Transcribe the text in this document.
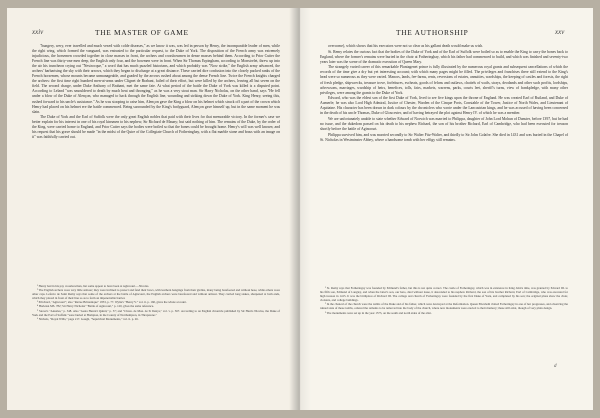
xxiv	THE MASTER OF GAME

"hungery, wery, ever travelled and much vexed with colde diseases," as we know it was, was led in person by Henry, the incomparable leader of men, while the right wing, which formed the vanguard, was entrusted to the particular request, to the Duke of York. The disposition of the French army was extremely injudicious, the horsemen crowded together in close masses in front, the archers and crossbowmen in dense masses behind them. According to Prior Cutter the French line was thirty-one men deep, the English only four, and the bowmen were in front. When Sir Thomas Erpingham, according to Monstrelet, threw up into the air his truncheon crying out "Nestrocque," a word that has much puzzled historians, and which probably was "Now strike," the English army advanced, the archers' barbarising the sky with their arrows, which they began to discharge at a great distance. These carried dire confusion into the closely packed ranks of the French horsemen, whose mounts became unmanageable, and goaded by the arrows rushed about among the dense French line. Twice the French knights charged the archers: the first time right hundred men-at-arms under Clignet de Brabant, failed of their effort, but were killed by the archers, leaving all but seven on the field. The second charge, under Duke Anthony of Brabant, met the same fate. At what period of the battle the Duke of York was killed is a disputed point. According to Leland "was smouldered to death by much heat and thronging," as he was a very stout man. Sir Harry Nicholas, on the other hand, says "He fell under a blow of the Duke of Alençon, who managed to hack through the English line, wounding and striking down the Duke of York. King Henry, seeing this, rushed forward to his uncle's assistance." As he was stooping to raise him, Alençon gave the King a blow on his helmet which struck off a part of the crown which Henry had placed on his helmet ere the battle commenced. Being surrounded by the King's bodyguard, Alençon gave himself up, but in the same moment he was slain.

The Duke of York and the Earl of Suffolk were the only great English nobles that paid with their lives for that memorable victory. In the former's case we better explain for his interest in one of his royal kinsmen to his nephew, Sir Richard de Mauny; but said nothing of him. The remains of the Duke, by the order of the King, were carried home to England, and Prior Cutter says the bodies were boiled so that the bones could be brought home. Henry's will was well known; and his request that his grave should be made "in the midst of the Quire of the Collegiate Church of Fotheringhay, with a flat marble stone and brass with an image on it" was faithfully carried out.

¹ Henry had in his pay crossbowmen, but some appear to have been at Agincourt.—Nicolas.

² The English archers wore very little armour; they were inclined to protect and fend their bows, with leathern hangings from their girdles, many being barefooted and without hose, while others wore other caps. Lefevre de Saint Remy says that some of the archers at the battle of Agincourt, the English archers were barefooted and without armour. They carried long stakes, sharpened at both ends, which they placed in front of their line so as to form an impenetrable barrier.

³ Pritchard, "Agincourt"; also "Revue Britannique" 1853, p. 77. Wylie's "Henry V." vol. ii. p. 160, gives the whole account.

⁴ Harleian MS. 782; Sir Harry Nicholas' "Battle of Agincourt," p. 120, gives the same reference.

⁵ Stowe's "Annales," p. 348. Also "Gesta Henrici Quinti," p. 57; and "Chron. de Mon. de St Denys," vol. v. p. 567. According to an English chronicle published by Sir Harris Nicolas, the Duke of York and the Earl of Suffolk "were buried at Hampton, in the County of Northampton, in Thrapstone."

⁶ Nichols, "Royal Wills," page 217. Gough, "Sepulchral Monuments," vol. ii. p. 26.

THE AUTHORSHIP	xxv

overcome), which shows that his executors were not so clear as his gallant death would make us wish.

St. Remy relates the curious fact that the bodies of the Duke of York and of the Earl of Suffolk were boiled so as to enable the King to carry the bones back to England, where the former's remains were buried in the choir at Fotheringhay, which his father had commenced to build, and which was finished and seventy-two years later was the scene of the dramatic execution of Queen Mary.

The strangely varied career of this remarkable Plantagenet prince is fully illustrated by the numerous royal grants and subsequent cancellations of which the records of the time give a dry but yet interesting account; with which many pages might be filled. The privileges and franchises there still extend to the King's head were so numerous as they were varied. Manors, lands, fee-farms, rents, reversions of estates, annuities, wardships, the keeping of castles and forests, the right of fresh pledge, shipwrecks, treasure trove, forfeitures, escheats, goods of felons and outlaws, chattels of waifs, strays, deodands and other such profits, lordships, advowsons, marriages, wardship of heirs, benefices, tolls, fairs, markets, warrens, parks, courts leet, sheriff's turns, view of frankpledge, with many other privileges, were among the grants to the Duke of York.

Edward, who was the eldest son of the first Duke of York, lived to see five kings upon the throne of England. He was created Earl of Rutland, and Duke of Aumerle; he was also Lord High Admiral, Justice of Chester, Warden of the Cinque Ports, Constable of the Tower, Justice of North Wales, and Lieutenant of Aquitaine. His character has been drawn in dark colours by the chroniclers who wrote under the Lancastrian kings, and he was accused of having been concerned in the death of his uncle Thomas, Duke of Gloucester, and of having betrayed the plot against Henry IV. of which he was a member.

We are unfortunately unable to state whether Edward of Norwich was married to Philippa, daughter of John Lord Mohun of Dunster, before 1397, but he had no issue, and the dukedom passed on his death to his nephew Richard, the son of his brother Richard, Earl of Cambridge, who had been executed for treason shortly before the battle of Agincourt.

Philippa survived him, and was married secondly to Sir Walter Fitz-Walter, and thirdly to Sir John Golafre. She died in 1431 and was buried in the Chapel of St. Nicholas in Westminster Abbey, where a handsome tomb with her effigy still remains.

¹ St. Remy says that Fotheringay was founded by Edmund's father, but this is not quite correct. The castle of Fotheringay, which was in existence in King John's time, was granted by Edward III. to his fifth son, Edmund of Langley, and when the latter's son, our hero, died without issue, it descended to his nephew Richard, the son of his brother Richard, Earl of Cambridge, who was executed for high treason in 1415. It was the birthplace of Richard III. The college and church of Fotheringay were founded by the first Duke of York, and completed by his son; the original plans show the choir, cloisters, and college buildings.

² In the chancel of the church were the tombs of the Duke and of his father, which were destroyed at the Reformation. Queen Elizabeth visited Fotheringay in one of her progresses, and observing the ruined state of these tombs, ordered the remains to be removed into the body of the church, where new monuments were erected to their memory; these still exist, though of very plain design.

³ The monuments were set up in the year 1573, on the south and north sides of the altar.

d
